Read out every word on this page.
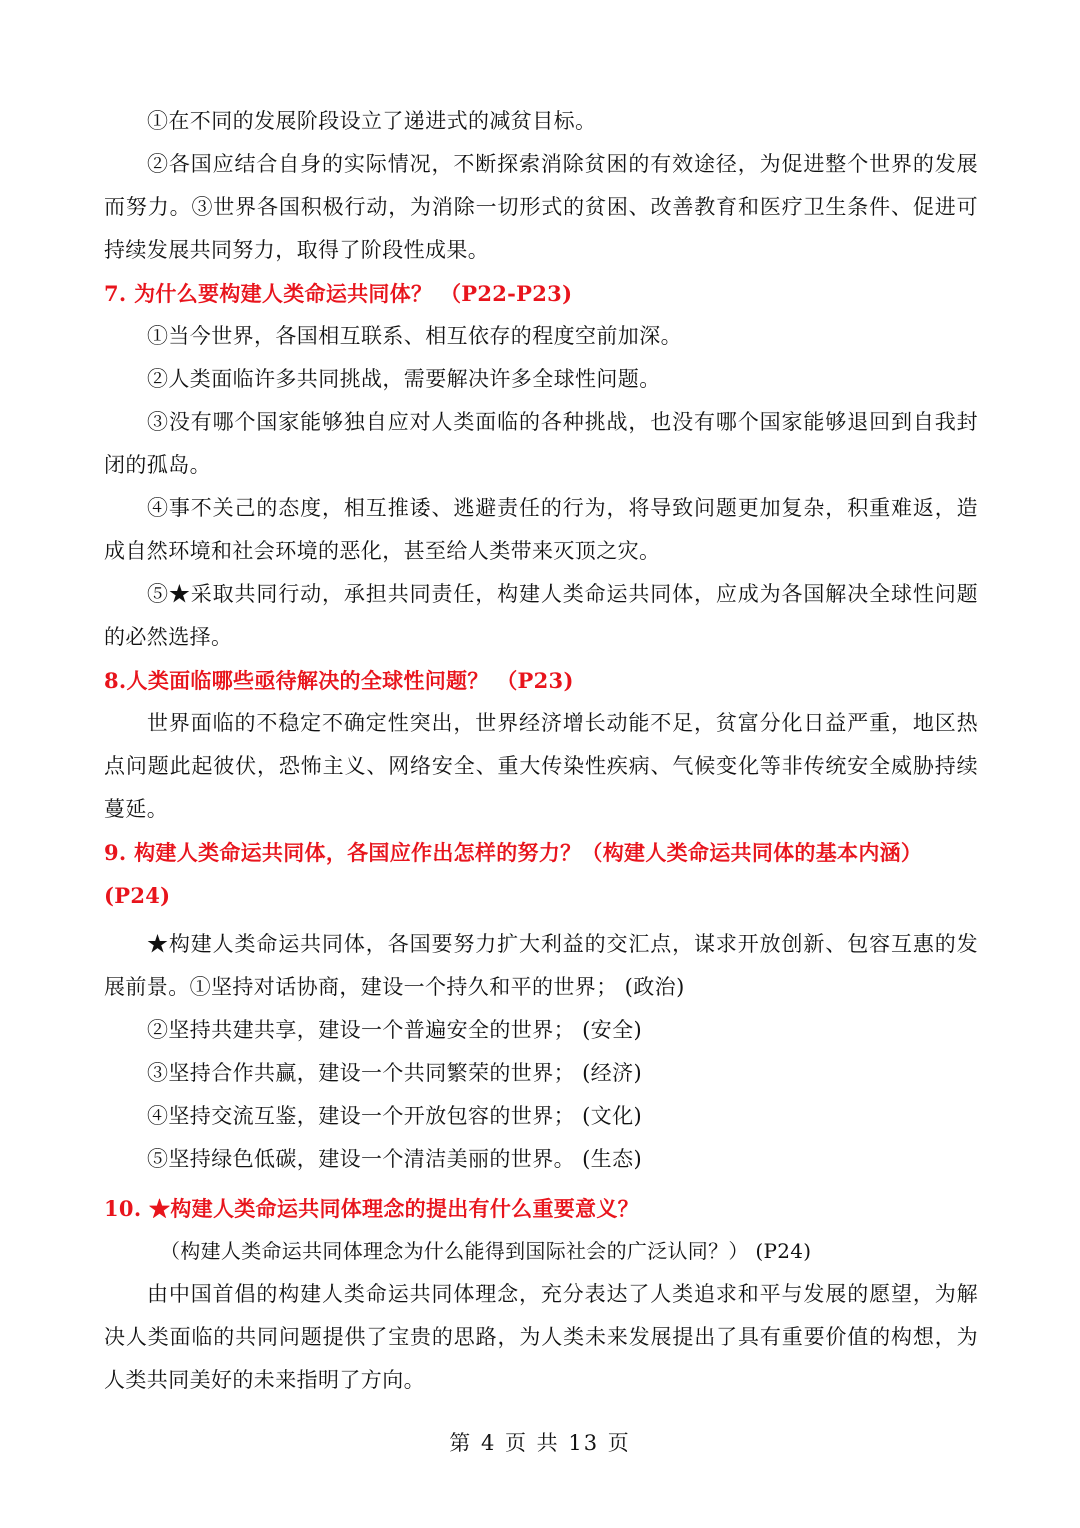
①在不同的发展阶段设立了递进式的减贫目标。

②各国应结合自身的实际情况，不断探索消除贫困的有效途径，为促进整个世界的发展而努力。③世界各国积极行动，为消除一切形式的贫困、改善教育和医疗卫生条件、促进可持续发展共同努力，取得了阶段性成果。

7. 为什么要构建人类命运共同体？ （P22-P23)

①当今世界，各国相互联系、相互依存的程度空前加深。

②人类面临许多共同挑战，需要解决许多全球性问题。

③没有哪个国家能够独自应对人类面临的各种挑战，也没有哪个国家能够退回到自我封闭的孤岛。

④事不关己的态度，相互推诿、逃避责任的行为，将导致问题更加复杂，积重难返，造成自然环境和社会环境的恶化，甚至给人类带来灭顶之灾。

⑤★采取共同行动，承担共同责任，构建人类命运共同体，应成为各国解决全球性问题的必然选择。

8.人类面临哪些亟待解决的全球性问题？ （P23)

世界面临的不稳定不确定性突出，世界经济增长动能不足，贫富分化日益严重，地区热点问题此起彼伏，恐怖主义、网络安全、重大传染性疾病、气候变化等非传统安全威胁持续蔓延。

9. 构建人类命运共同体，各国应作出怎样的努力？（构建人类命运共同体的基本内涵）(P24)

★构建人类命运共同体，各国要努力扩大利益的交汇点，谋求开放创新、包容互惠的发展前景。①坚持对话协商，建设一个持久和平的世界； (政治)

②坚持共建共享，建设一个普遍安全的世界； (安全)

③坚持合作共赢，建设一个共同繁荣的世界； (经济)

④坚持交流互鉴，建设一个开放包容的世界； (文化)

⑤坚持绿色低碳，建设一个清洁美丽的世界。 (生态)

10. ★构建人类命运共同体理念的提出有什么重要意义？

（构建人类命运共同体理念为什么能得到国际社会的广泛认同？） (P24)

由中国首倡的构建人类命运共同体理念，充分表达了人类追求和平与发展的愿望，为解决人类面临的共同问题提供了宝贵的思路，为人类未来发展提出了具有重要价值的构想，为人类共同美好的未来指明了方向。

第 4 页 共 13 页
